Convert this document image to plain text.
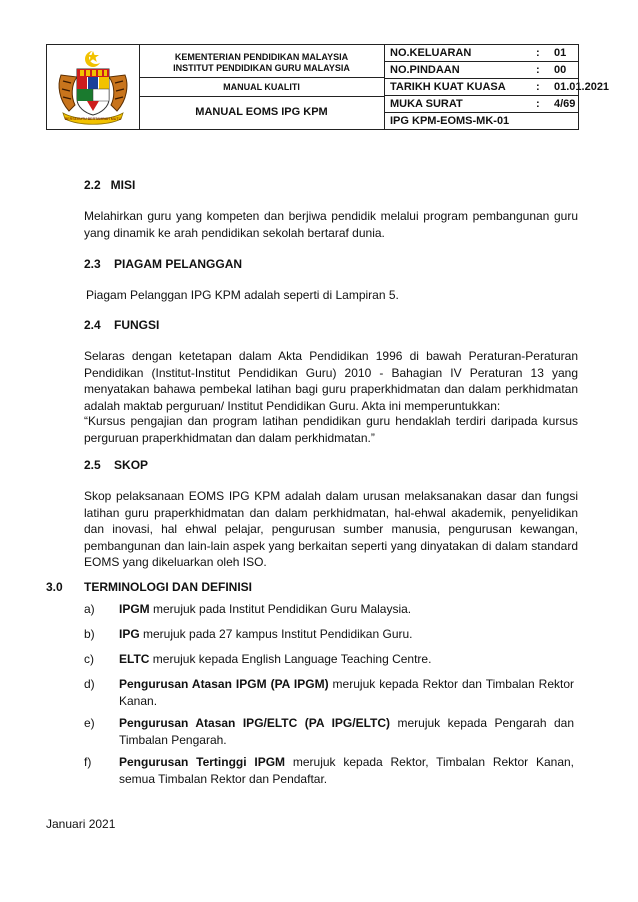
BERSEKUTU BERTAMBAH MUTU
KEMENTERIAN PENDIDIKAN MALAYSIA
INSTITUT PENDIDIKAN GURU MALAYSIA
MANUAL KUALITI
MANUAL EOMS IPG KPM
NO.KELUARAN	: 01
NO.PINDAAN	: 00
TARIKH KUAT KUASA	: 01.01.2021
MUKA SURAT	: 4/69
IPG KPM-EOMS-MK-01
2.2   MISI
Melahirkan guru yang kompeten dan berjiwa pendidik melalui program pembangunan guru yang dinamik ke arah pendidikan sekolah bertaraf dunia.
2.3    PIAGAM PELANGGAN
Piagam Pelanggan IPG KPM adalah seperti di Lampiran 5.
2.4    FUNGSI
Selaras dengan ketetapan dalam Akta Pendidikan 1996 di bawah Peraturan-Peraturan Pendidikan (Institut-Institut Pendidikan Guru) 2010 - Bahagian IV Peraturan 13 yang menyatakan bahawa pembekal latihan bagi guru praperkhidmatan dan dalam perkhidmatan adalah maktab perguruan/ Institut Pendidikan Guru. Akta ini memperuntukkan:
“Kursus pengajian dan program latihan pendidikan guru hendaklah terdiri daripada kursus perguruan praperkhidmatan dan dalam perkhidmatan.”
2.5    SKOP
Skop pelaksanaan EOMS IPG KPM adalah dalam urusan melaksanakan dasar dan fungsi latihan guru praperkhidmatan dan dalam perkhidmatan, hal-ehwal akademik, penyelidikan dan inovasi, hal ehwal pelajar, pengurusan sumber manusia, pengurusan kewangan, pembangunan dan lain-lain aspek yang berkaitan seperti yang dinyatakan di dalam standard EOMS yang dikeluarkan oleh ISO.
3.0 TERMINOLOGI DAN DEFINISI
a) IPGM merujuk pada Institut Pendidikan Guru Malaysia.
b) IPG merujuk pada 27 kampus Institut Pendidikan Guru.
c) ELTC merujuk kepada English Language Teaching Centre.
d) Pengurusan Atasan IPGM (PA IPGM) merujuk kepada Rektor dan Timbalan Rektor Kanan.
e) Pengurusan Atasan IPG/ELTC (PA IPG/ELTC) merujuk kepada Pengarah dan Timbalan Pengarah.
f) Pengurusan Tertinggi IPGM merujuk kepada Rektor, Timbalan Rektor Kanan, semua Timbalan Rektor dan Pendaftar.
Januari 2021
